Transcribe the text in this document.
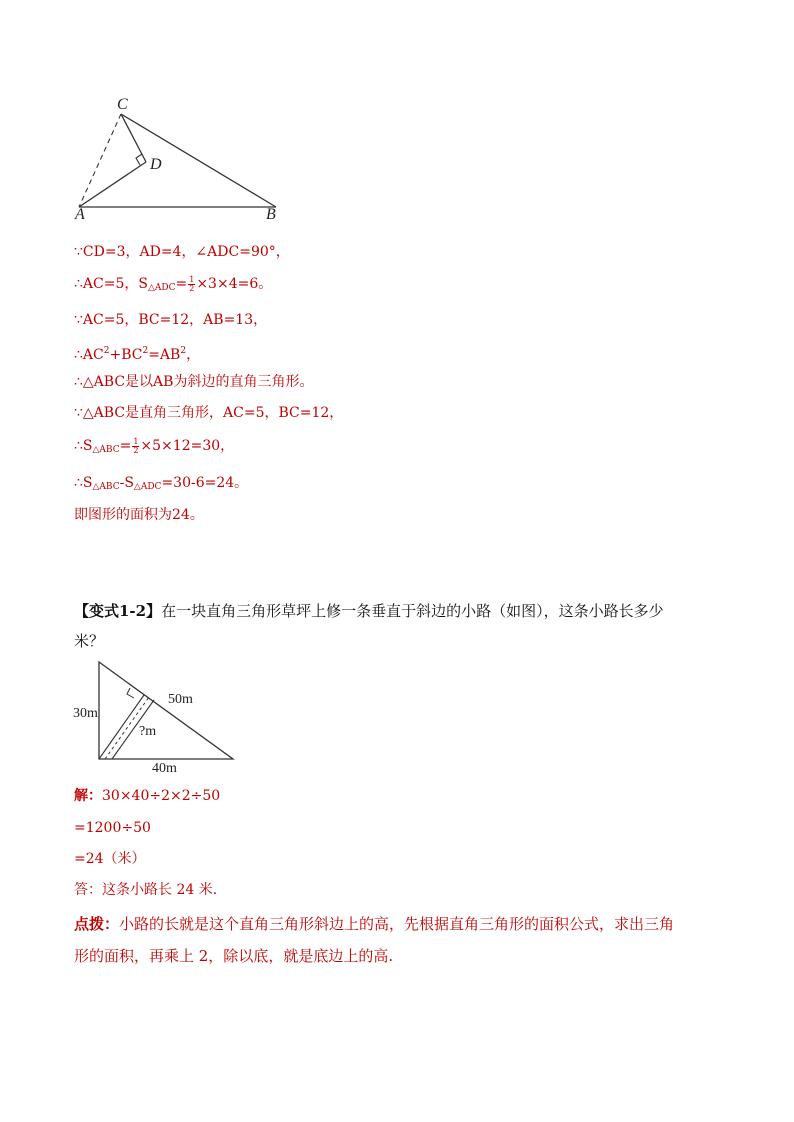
C
D
A	B
∵CD=3，AD=4，∠ADC=90°，
∴AC=5，$S_{\triangle ADC}= \frac{1}{2} \times 3\times 4=6$。
∵AC=5，BC=12，AB=13，
$\therefore AC^2+BC^2=AB^2$，
∴△ABC是以AB为斜边的直角三角形。
∵△ABC是直角三角形，AC=5，BC=12，
$\therefore S_{\triangle ABC}= \frac{1}{2} \times 5\times 12=30$，
$\therefore S_{\triangle ABC}-S_{\triangle ADC}=30-6=24$。
即图形的面积为24。
【变式1-2】在一块直角三角形草坪上修一条垂直于斜边的小路（如图），这条小路长多少
米？
30m
50m
?m
40m
解：30×40÷2×2÷50
=1200÷50
=24（米）
答：这条小路长 24 米.
点拨：小路的长就是这个直角三角形斜边上的高，先根据直角三角形的面积公式，求出三角
形的面积，再乘上 2，除以底，就是底边上的高.
